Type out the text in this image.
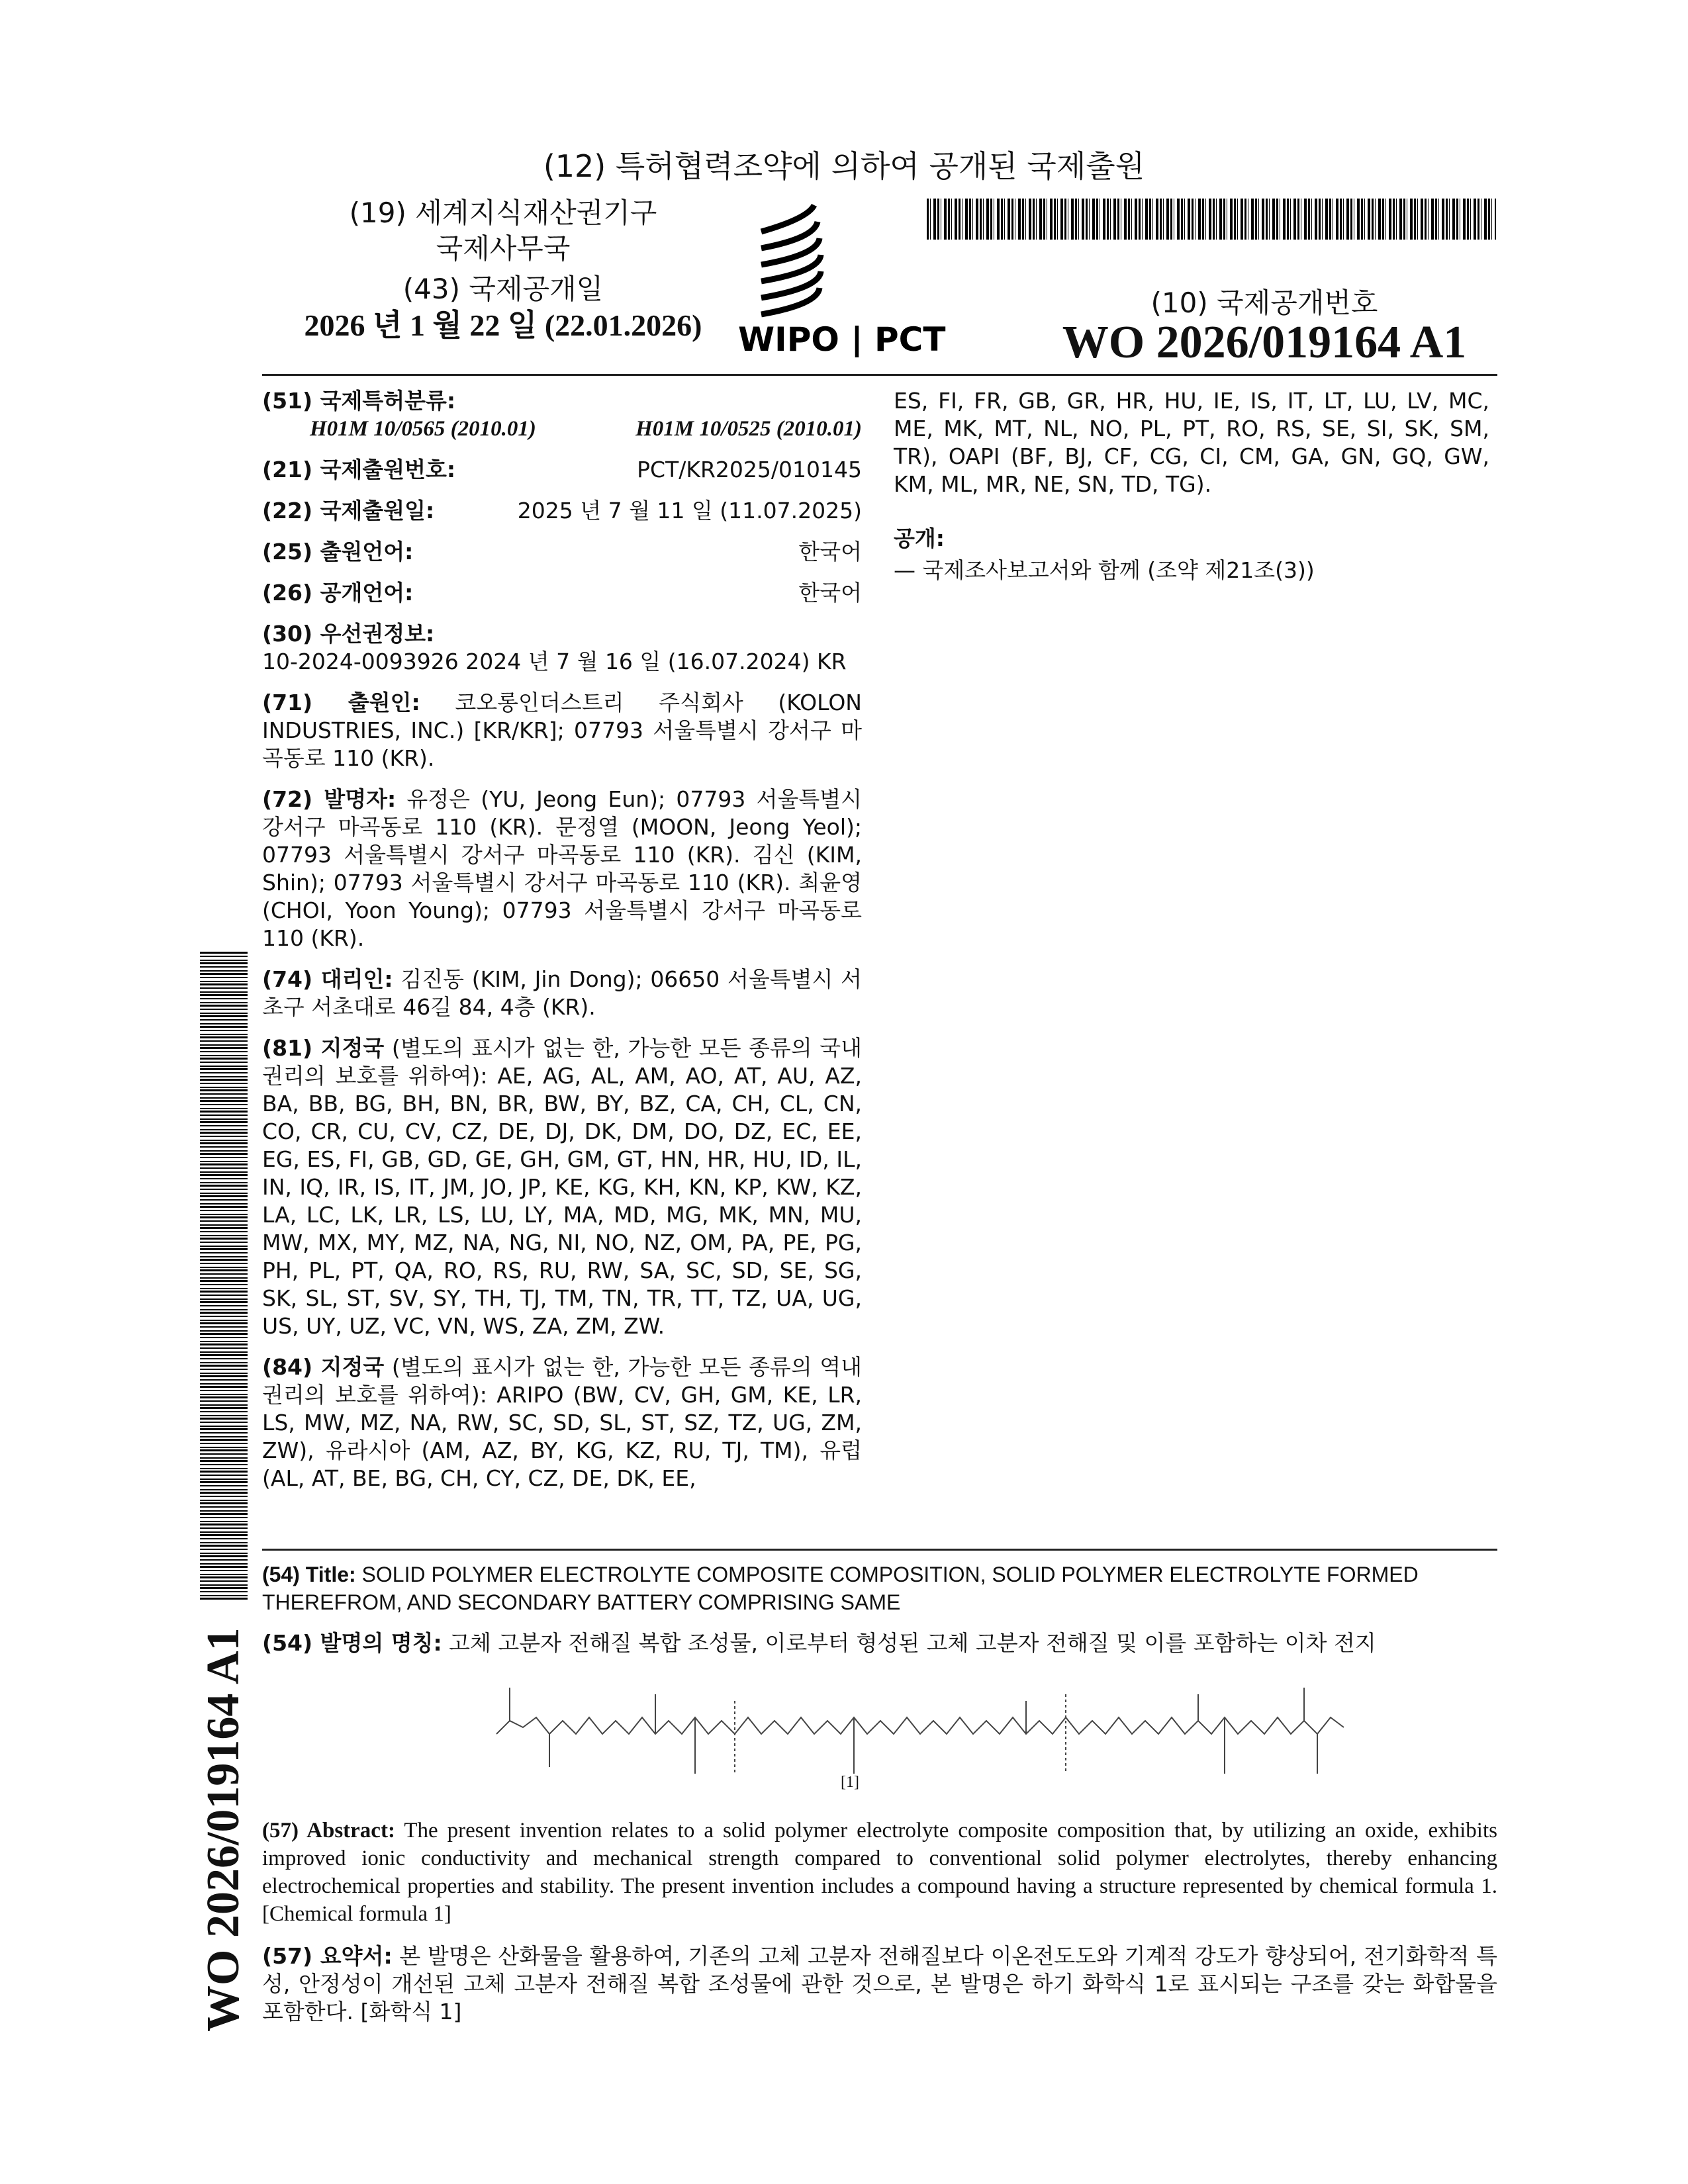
(12) 특허협력조약에 의하여 공개된 국제출원
(19) 세계지식재산권기구
국제사무국
(43) 국제공개일
2026 년 1 월 22 일 (22.01.2026)	WIPO | PCT
(10) 국제공개번호
WO 2026/019164 A1
(51) 국제특허분류:
H01M 10/0565 (2010.01)	H01M 10/0525 (2010.01)
(21) 국제출원번호:	PCT/KR2025/010145
(22) 국제출원일:	2025 년 7 월 11 일 (11.07.2025)
(25) 출원언어:	한국어
(26) 공개언어:	한국어
(30) 우선권정보:
10-2024-0093926 2024 년 7 월 16 일 (16.07.2024) KR
(71) 출원인: 코오롱인더스트리 주식회사 (KOLON INDUSTRIES, INC.) [KR/KR]; 07793 서울특별시 강서구 마곡동로 110 (KR).
(72) 발명자: 유정은 (YU, Jeong Eun); 07793 서울특별시 강서구 마곡동로 110 (KR). 문정열 (MOON, Jeong Yeol); 07793 서울특별시 강서구 마곡동로 110 (KR). 김신 (KIM, Shin); 07793 서울특별시 강서구 마곡동로 110 (KR). 최윤영 (CHOI, Yoon Young); 07793 서울특별시 강서구 마곡동로 110 (KR).
(74) 대리인: 김진동 (KIM, Jin Dong); 06650 서울특별시 서초구 서초대로 46길 84, 4층 (KR).
(81) 지정국 (별도의 표시가 없는 한, 가능한 모든 종류의 국내 권리의 보호를 위하여): AE, AG, AL, AM, AO, AT, AU, AZ, BA, BB, BG, BH, BN, BR, BW, BY, BZ, CA, CH, CL, CN, CO, CR, CU, CV, CZ, DE, DJ, DK, DM, DO, DZ, EC, EE, EG, ES, FI, GB, GD, GE, GH, GM, GT, HN, HR, HU, ID, IL, IN, IQ, IR, IS, IT, JM, JO, JP, KE, KG, KH, KN, KP, KW, KZ, LA, LC, LK, LR, LS, LU, LY, MA, MD, MG, MK, MN, MU, MW, MX, MY, MZ, NA, NG, NI, NO, NZ, OM, PA, PE, PG, PH, PL, PT, QA, RO, RS, RU, RW, SA, SC, SD, SE, SG, SK, SL, ST, SV, SY, TH, TJ, TM, TN, TR, TT, TZ, UA, UG, US, UY, UZ, VC, VN, WS, ZA, ZM, ZW.
(84) 지정국 (별도의 표시가 없는 한, 가능한 모든 종류의 역내 권리의 보호를 위하여): ARIPO (BW, CV, GH, GM, KE, LR, LS, MW, MZ, NA, RW, SC, SD, SL, ST, SZ, TZ, UG, ZM, ZW), 유라시아 (AM, AZ, BY, KG, KZ, RU, TJ, TM), 유럽 (AL, AT, BE, BG, CH, CY, CZ, DE, DK, EE,
ES, FI, FR, GB, GR, HR, HU, IE, IS, IT, LT, LU, LV, MC, ME, MK, MT, NL, NO, PL, PT, RO, RS, SE, SI, SK, SM, TR), OAPI (BF, BJ, CF, CG, CI, CM, GA, GN, GQ, GW, KM, ML, MR, NE, SN, TD, TG).
공개:
— 국제조사보고서와 함께 (조약 제21조(3))
WO 2026/019164 A1
(54) Title: SOLID POLYMER ELECTROLYTE COMPOSITE COMPOSITION, SOLID POLYMER ELECTROLYTE FORMED THEREFROM, AND SECONDARY BATTERY COMPRISING SAME
(54) 발명의 명칭: 고체 고분자 전해질 복합 조성물, 이로부터 형성된 고체 고분자 전해질 및 이를 포함하는 이차 전지
[1]
(57) Abstract: The present invention relates to a solid polymer electrolyte composite composition that, by utilizing an oxide, exhibits improved ionic conductivity and mechanical strength compared to conventional solid polymer electrolytes, thereby enhancing electrochemical properties and stability. The present invention includes a compound having a structure represented by chemical formula 1. [Chemical formula 1]
(57) 요약서: 본 발명은 산화물을 활용하여, 기존의 고체 고분자 전해질보다 이온전도도와 기계적 강도가 향상되어, 전기화학적 특성, 안정성이 개선된 고체 고분자 전해질 복합 조성물에 관한 것으로, 본 발명은 하기 화학식 1로 표시되는 구조를 갖는 화합물을 포함한다. [화학식 1]
